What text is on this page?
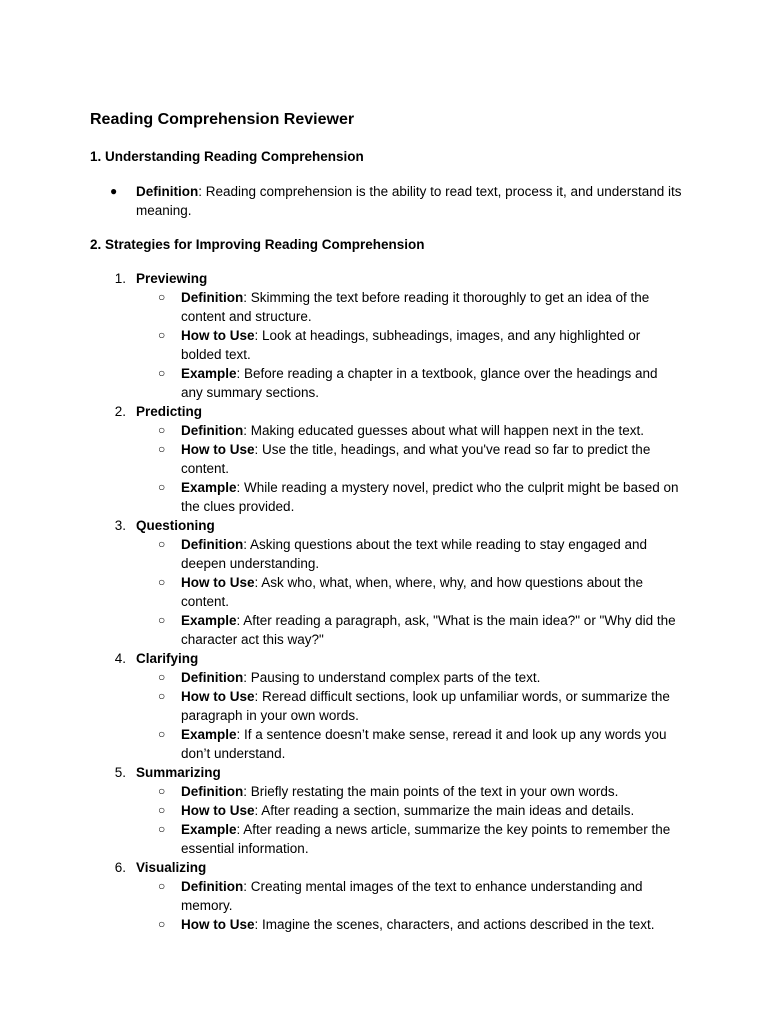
Reading Comprehension Reviewer
1. Understanding Reading Comprehension
●	Definition: Reading comprehension is the ability to read text, process it, and understand its meaning.
2. Strategies for Improving Reading Comprehension
1. Previewing
○ Definition: Skimming the text before reading it thoroughly to get an idea of the content and structure.
○ How to Use: Look at headings, subheadings, images, and any highlighted or bolded text.
○ Example: Before reading a chapter in a textbook, glance over the headings and any summary sections.
2. Predicting
○ Definition: Making educated guesses about what will happen next in the text.
○ How to Use: Use the title, headings, and what you've read so far to predict the content.
○ Example: While reading a mystery novel, predict who the culprit might be based on the clues provided.
3. Questioning
○ Definition: Asking questions about the text while reading to stay engaged and deepen understanding.
○ How to Use: Ask who, what, when, where, why, and how questions about the content.
○ Example: After reading a paragraph, ask, "What is the main idea?" or "Why did the character act this way?"
4. Clarifying
○ Definition: Pausing to understand complex parts of the text.
○ How to Use: Reread difficult sections, look up unfamiliar words, or summarize the paragraph in your own words.
○ Example: If a sentence doesn’t make sense, reread it and look up any words you don’t understand.
5. Summarizing
○ Definition: Briefly restating the main points of the text in your own words.
○ How to Use: After reading a section, summarize the main ideas and details.
○ Example: After reading a news article, summarize the key points to remember the essential information.
6. Visualizing
○ Definition: Creating mental images of the text to enhance understanding and memory.
○ How to Use: Imagine the scenes, characters, and actions described in the text.
